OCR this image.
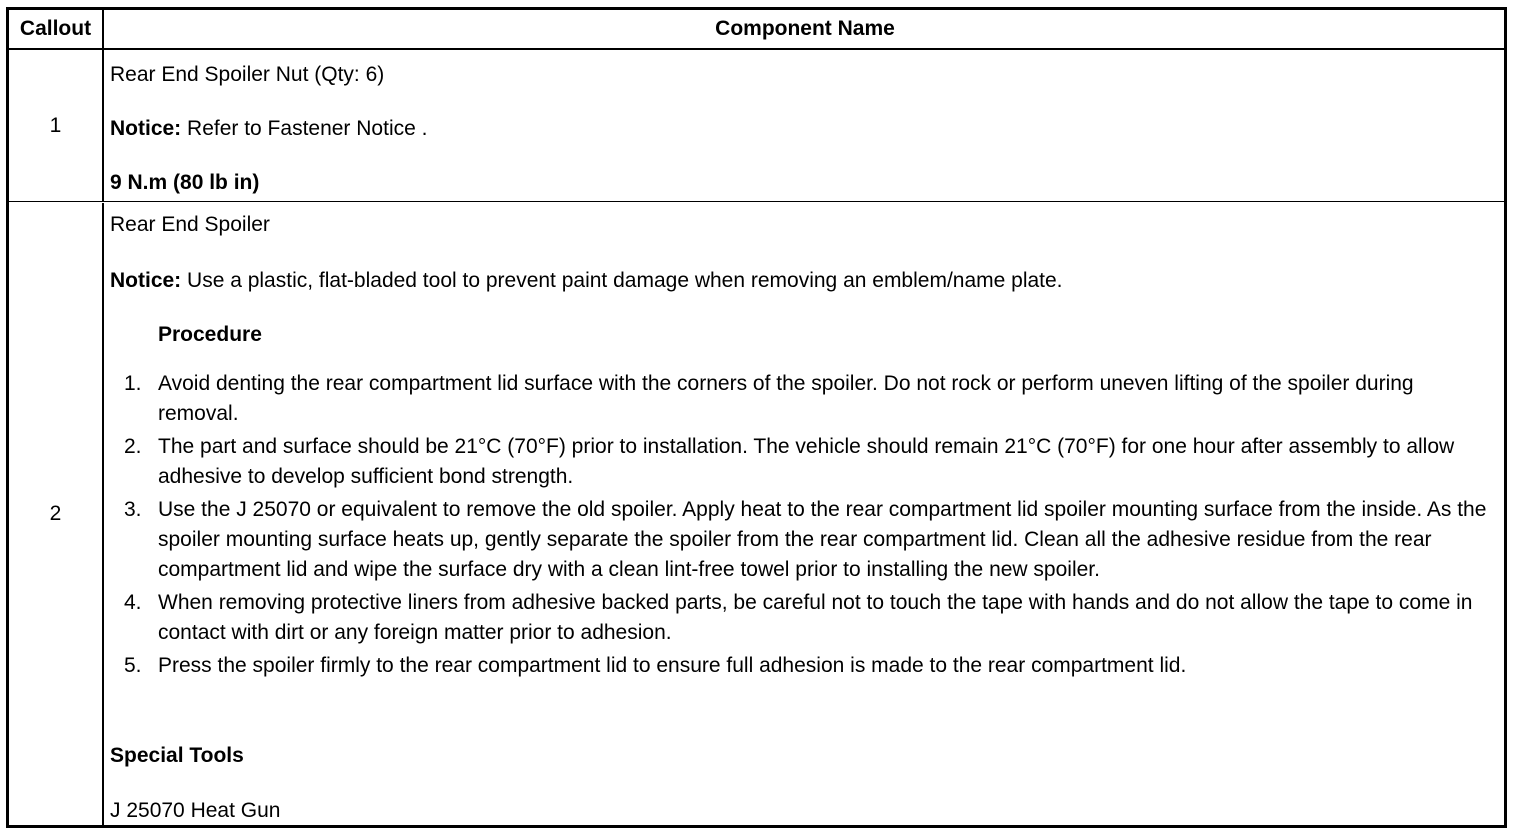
Callout	Component Name
1
Rear End Spoiler Nut (Qty: 6)
Notice: Refer to Fastener Notice .
9 N.m (80 lb in)
2
Rear End Spoiler
Notice: Use a plastic, flat-bladed tool to prevent paint damage when removing an emblem/name plate.
Procedure
1. Avoid denting the rear compartment lid surface with the corners of the spoiler. Do not rock or perform uneven lifting of the spoiler during removal.
2. The part and surface should be 21°C (70°F) prior to installation. The vehicle should remain 21°C (70°F) for one hour after assembly to allow adhesive to develop sufficient bond strength.
3. Use the J 25070 or equivalent to remove the old spoiler. Apply heat to the rear compartment lid spoiler mounting surface from the inside. As the spoiler mounting surface heats up, gently separate the spoiler from the rear compartment lid. Clean all the adhesive residue from the rear compartment lid and wipe the surface dry with a clean lint-free towel prior to installing the new spoiler.
4. When removing protective liners from adhesive backed parts, be careful not to touch the tape with hands and do not allow the tape to come in contact with dirt or any foreign matter prior to adhesion.
5. Press the spoiler firmly to the rear compartment lid to ensure full adhesion is made to the rear compartment lid.
Special Tools
J 25070 Heat Gun
